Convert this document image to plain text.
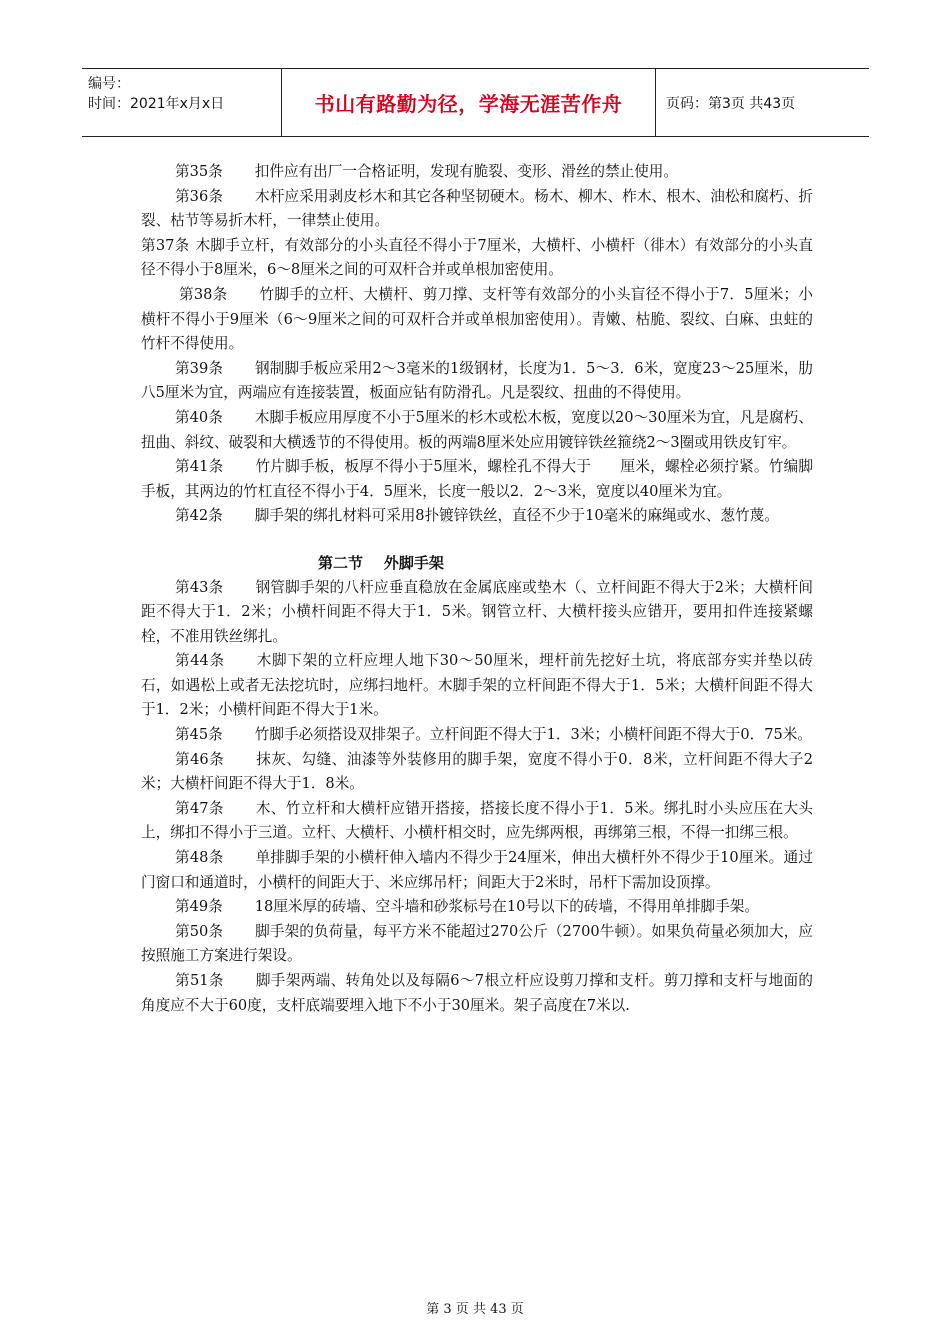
编号：
时间：2021年x月x日	书山有路勤为径，学海无涯苦作舟	页码：第3页 共43页

第35条 扣件应有出厂一合格证明，发现有脆裂、变形、滑丝的禁止使用。

第36条 木杆应采用剥皮杉木和其它各种坚韧硬木。杨木、柳木、柞木、根木、油松和腐朽、折裂、枯节等易折木杆，一律禁止使用。

第37条 木脚手立杆，有效部分的小头直径不得小于7厘米，大横杆、小横杆（徘木）有效部分的小头直径不得小于8厘米，6～8厘米之间的可双杆合并或单根加密使用。

第38条 竹脚手的立杆、大横杆、剪刀撑、支杆等有效部分的小头盲径不得小于7．5厘米；小横杆不得小于9厘米（6～9厘米之间的可双杆合并或单根加密使用）。青嫩、枯脆、裂纹、白麻、虫蛀的竹杆不得使用。

第39条 钢制脚手板应采用2～3毫米的1级钢材，长度为1．5～3．6米，宽度23～25厘米，肋八5厘米为宜，两端应有连接装置，板面应钻有防滑孔。凡是裂纹、扭曲的不得使用。

第40条 木脚手板应用厚度不小于5厘米的杉木或松木板，宽度以20～30厘米为宜，凡是腐朽、扭曲、斜纹、破裂和大横透节的不得使用。板的两端8厘米处应用镀锌铁丝箍绕2～3圈或用铁皮钉牢。

第41条 竹片脚手板，板厚不得小于5厘米，螺栓孔不得大于      厘米，螺栓必须拧紧。竹编脚手板，其两边的竹杠直径不得小于4．5厘米，长度一般以2．2～3米，宽度以40厘米为宜。

第42条 脚手架的绑扎材料可采用8扑镀锌铁丝，直径不少于10毫米的麻绳或水、葱竹蔑。

第二节    外脚手架

第43条 钢管脚手架的八杆应垂直稳放在金属底座或垫木（、立杆间距不得大于2米；大横杆间距不得大于1．2米；小横杆间距不得大于1．5米。钢管立杆、大横杆接头应错开，要用扣件连接紧螺栓，不准用铁丝绑扎。

第44条 木脚下架的立杆应埋人地下30～50厘米，埋杆前先挖好土坑，将底部夯实并垫以砖石，如遇松上或者无法挖坑时，应绑扫地杆。木脚手架的立杆间距不得大于1．5米；大横杆间距不得大于1．2米；小横杆间距不得大于1米。

第45条 竹脚手必须搭设双排架子。立杆间距不得大于1．3米；小横杆间距不得大于0．75米。

第46条 抹灰、勾缝、油漆等外装修用的脚手架，宽度不得小于0．8米，立杆间距不得大子2米；大横杆间距不得大于1．8米。

第47条 木、竹立杆和大横杆应错开搭接，搭接长度不得小于1．5米。绑扎时小头应压在大头上，绑扣不得小于三道。立杆、大横杆、小横杆相交时，应先绑两根，再绑第三根，不得一扣绑三根。

第48条 单排脚手架的小横杆伸入墙内不得少于24厘米，伸出大横杆外不得少于10厘米。通过门窗口和通道时，小横杆的间距大于、米应绑吊杆；间距大于2米时，吊杆下需加设顶撑。

第49条 18厘米厚的砖墙、空斗墙和砂浆标号在10号以下的砖墙，不得用单排脚手架。

第50条 脚手架的负荷量，每平方米不能超过270公斤（2700牛顿）。如果负荷量必须加大，应按照施工方案进行架设。

第51条 脚手架两端、转角处以及每隔6～7根立杆应设剪刀撑和支杆。剪刀撑和支杆与地面的角度应不大于60度，支杆底端要埋入地下不小于30厘米。架子高度在7米以.

第 3 页 共 43 页
